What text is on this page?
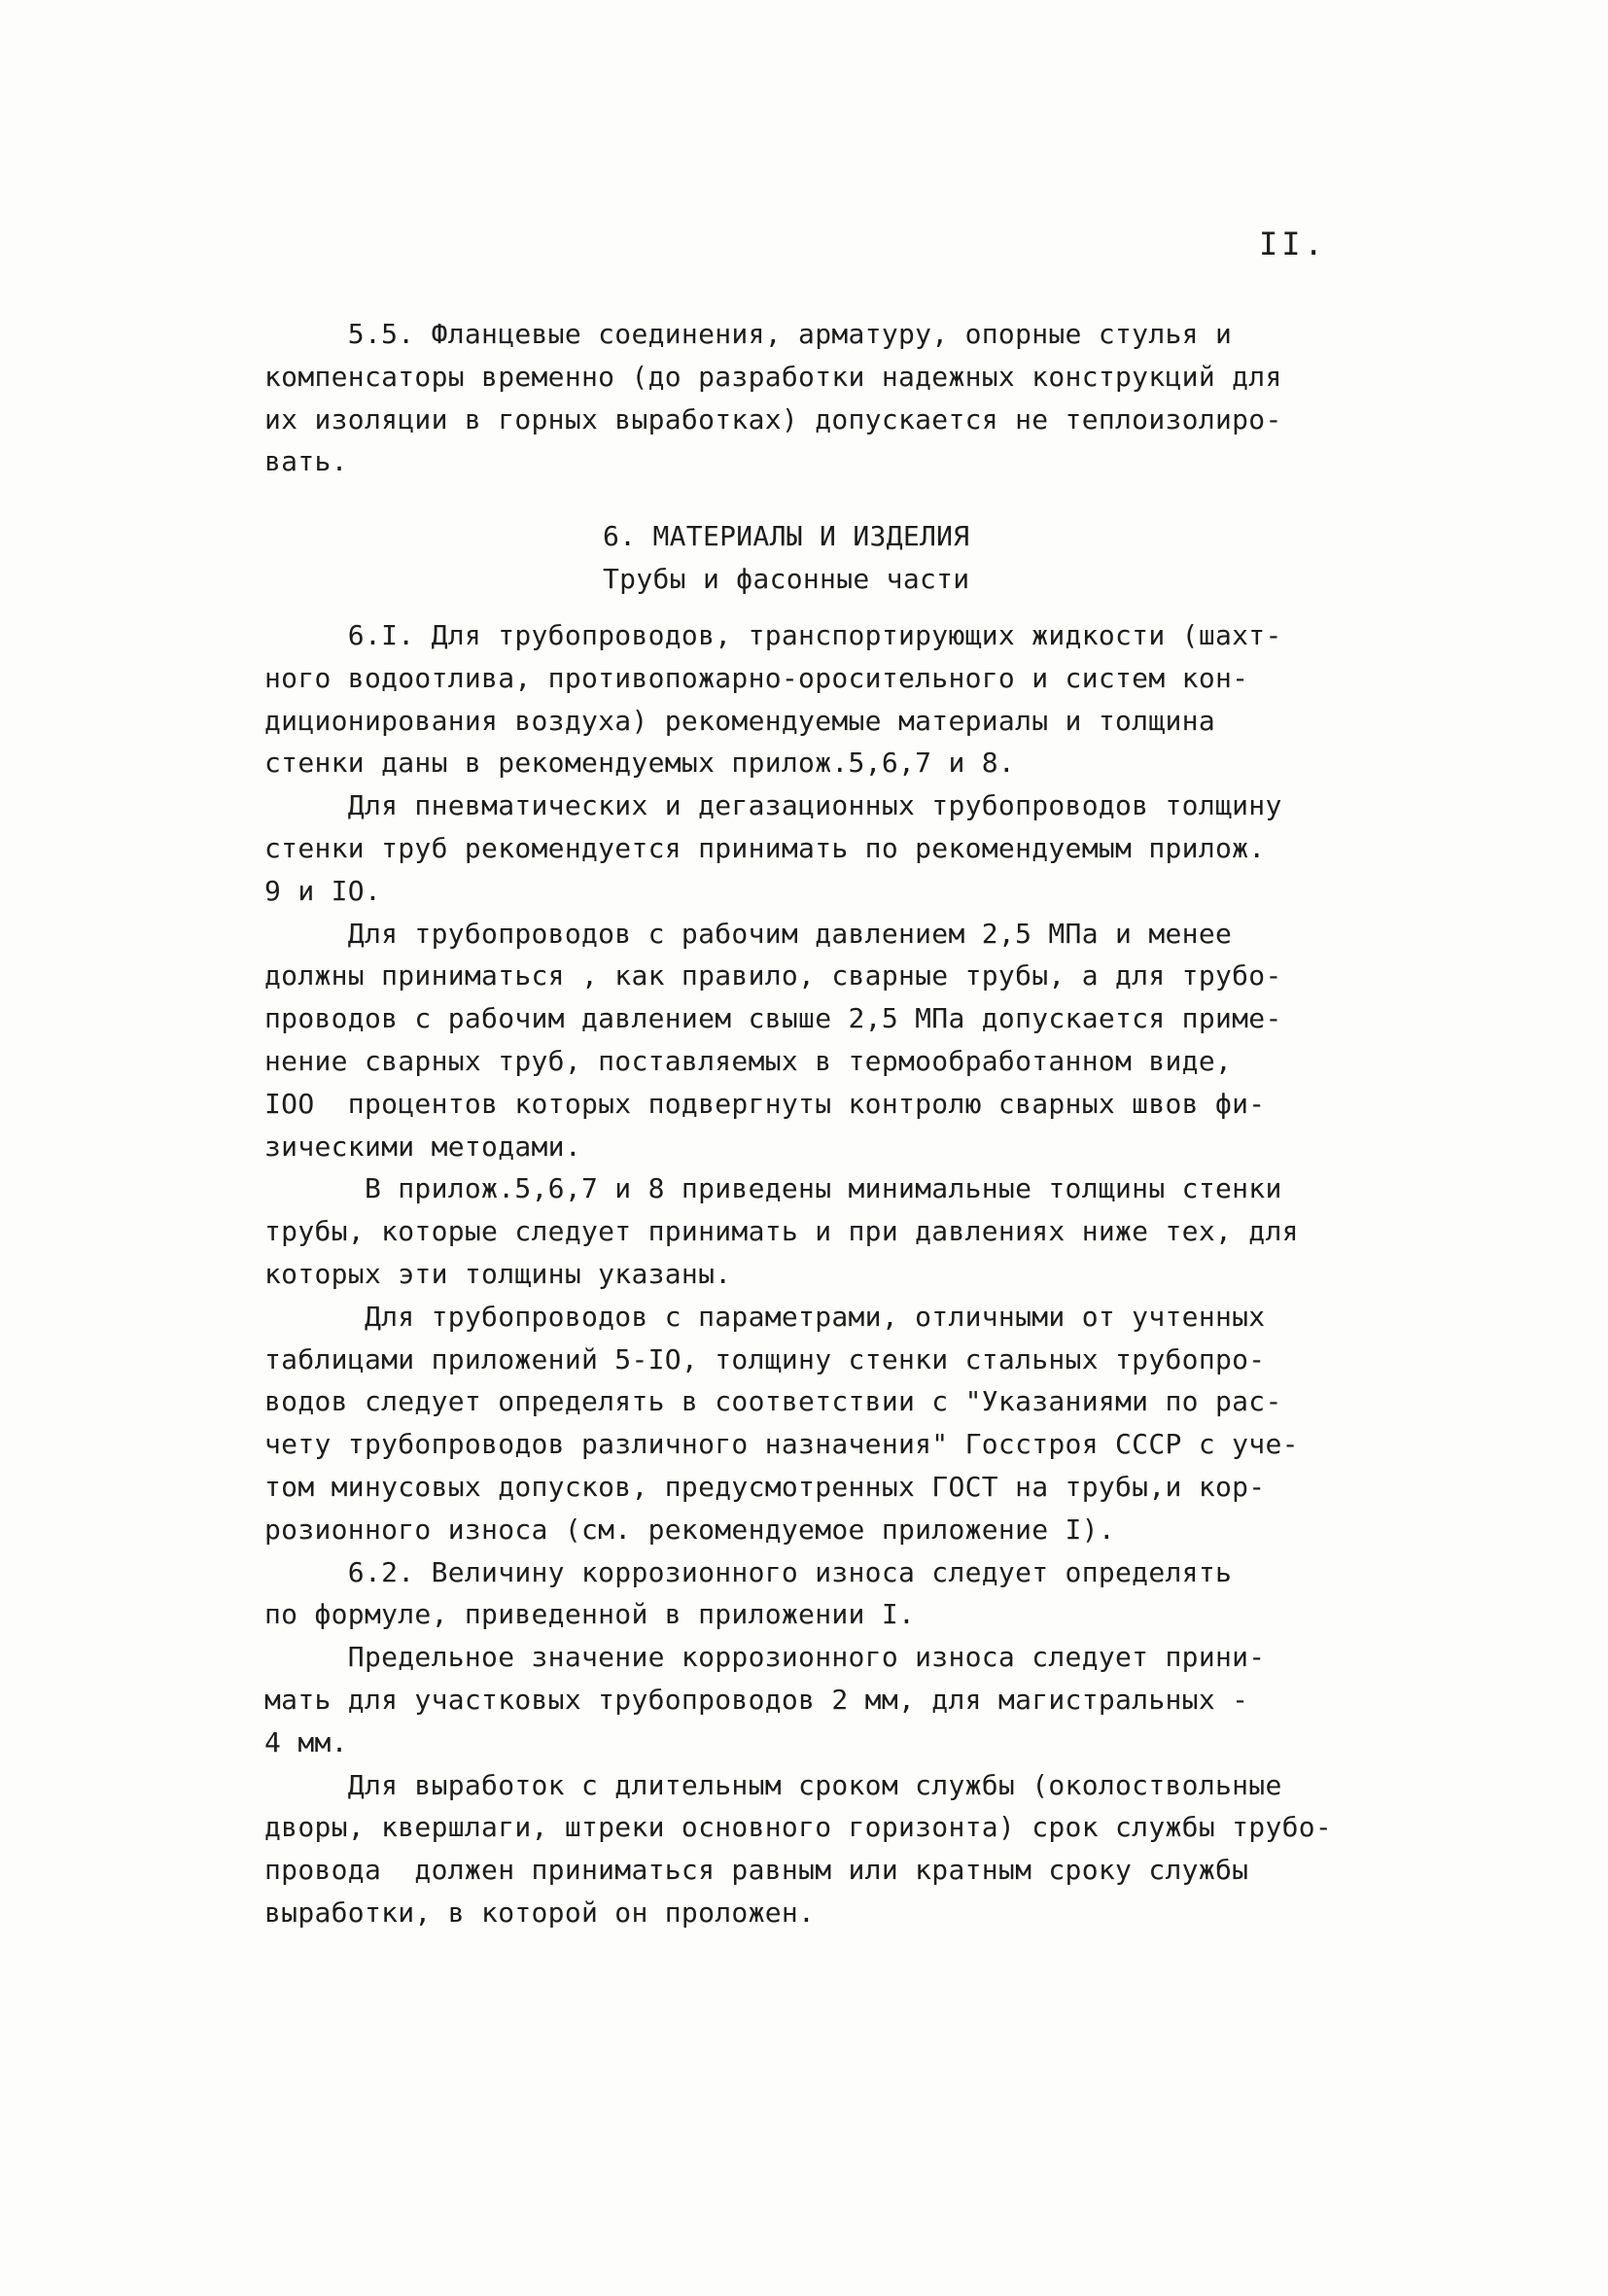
II.
5.5. Фланцевые соединения, арматуру, опорные стулья и
компенсаторы временно (до разработки надежных конструкций для
их изоляции в горных выработках) допускается не теплоизолиро-
вать.
6. МАТЕРИАЛЫ И ИЗДЕЛИЯ
Трубы и фасонные части
6.I. Для трубопроводов, транспортирующих жидкости (шахт-
ного водоотлива, противопожарно-оросительного и систем кон-
диционирования воздуха) рекомендуемые материалы и толщина
стенки даны в рекомендуемых прилож.5,6,7 и 8.
Для пневматических и дегазационных трубопроводов толщину
стенки труб рекомендуется принимать по рекомендуемым прилож.
9 и IO.
Для трубопроводов с рабочим давлением 2,5 МПа и менее
должны приниматься , как правило, сварные трубы, а для трубо-
проводов с рабочим давлением свыше 2,5 МПа допускается приме-
нение сварных труб, поставляемых в термообработанном виде,
IOO  процентов которых подвергнуты контролю сварных швов фи-
зическими методами.
В прилож.5,6,7 и 8 приведены минимальные толщины стенки
трубы, которые следует принимать и при давлениях ниже тех, для
которых эти толщины указаны.
Для трубопроводов с параметрами, отличными от учтенных
таблицами приложений 5-IO, толщину стенки стальных трубопро-
водов следует определять в соответствии с "Указаниями по рас-
чету трубопроводов различного назначения" Госстроя СССР с уче-
том минусовых допусков, предусмотренных ГОСТ на трубы,и кор-
розионного износа (см. рекомендуемое приложение I).
6.2. Величину коррозионного износа следует определять
по формуле, приведенной в приложении I.
Предельное значение коррозионного износа следует прини-
мать для участковых трубопроводов 2 мм, для магистральных -
4 мм.
Для выработок с длительным сроком службы (околоствольные
дворы, квершлаги, штреки основного горизонта) срок службы трубо-
провода  должен приниматься равным или кратным сроку службы
выработки, в которой он проложен.
